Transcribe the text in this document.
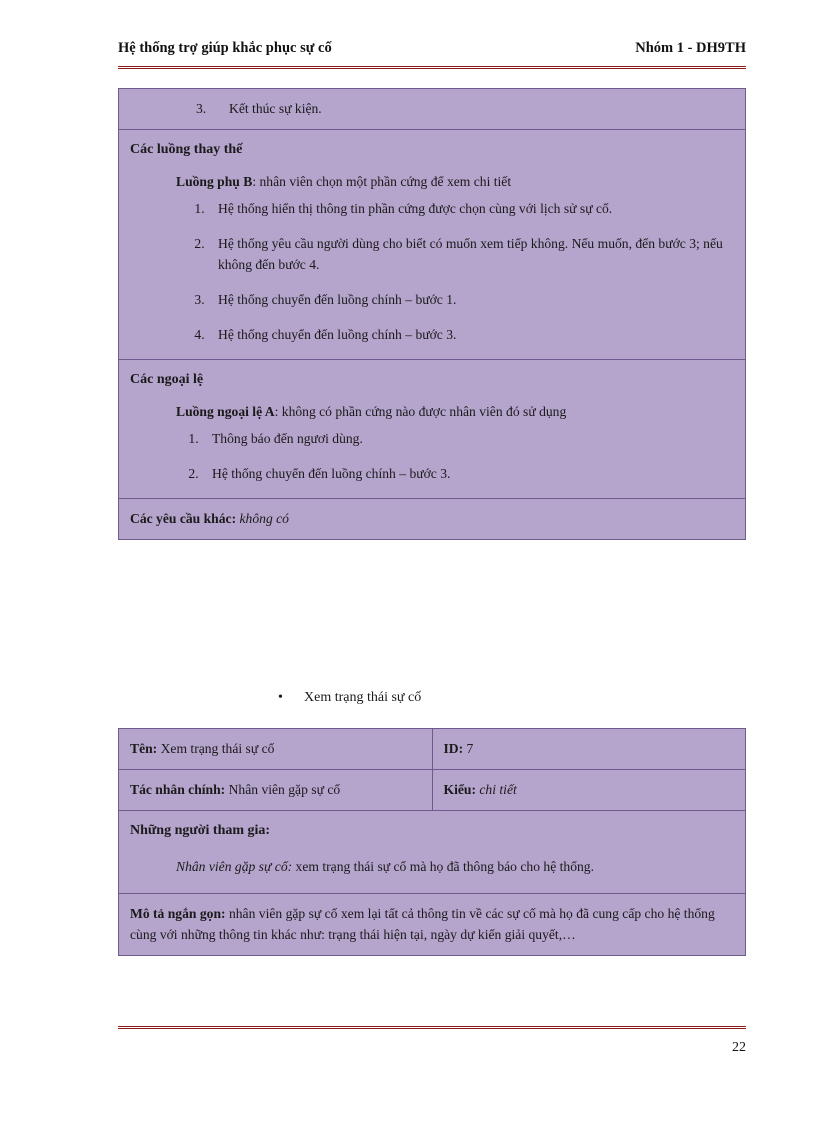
Hệ thống trợ giúp khắc phục sự cố	Nhóm 1 - DH9TH
3. Kết thúc sự kiện.

Các luồng thay thế
Luồng phụ B: nhân viên chọn một phần cứng để xem chi tiết
1. Hệ thống hiển thị thông tin phần cứng được chọn cùng với lịch sử sự cố.
2. Hệ thống yêu cầu người dùng cho biết có muốn xem tiếp không. Nếu muốn, đến bước 3; nếu không đến bước 4.
3. Hệ thống chuyển đến luồng chính – bước 1.
4. Hệ thống chuyển đến luồng chính – bước 3.

Các ngoại lệ
Luồng ngoại lệ A: không có phần cứng nào được nhân viên đó sử dụng
1. Thông báo đến ngươi dùng.
2. Hệ thống chuyển đến luồng chính – bước 3.

Các yêu cầu khác: không có
• Xem trạng thái sự cố
Tên: Xem trạng thái sự cố	ID: 7
Tác nhân chính: Nhân viên gặp sự cố	Kiểu: chi tiết

Những người tham gia:
Nhân viên gặp sự cố: xem trạng thái sự cố mà họ đã thông báo cho hệ thống.	

Mô tả ngắn gọn: nhân viên gặp sự cố xem lại tất cả thông tin về các sự cố mà họ đã cung cấp cho hệ thống cùng với những thông tin khác như: trạng thái hiện tại, ngày dự kiến giải quyết,…	
22
